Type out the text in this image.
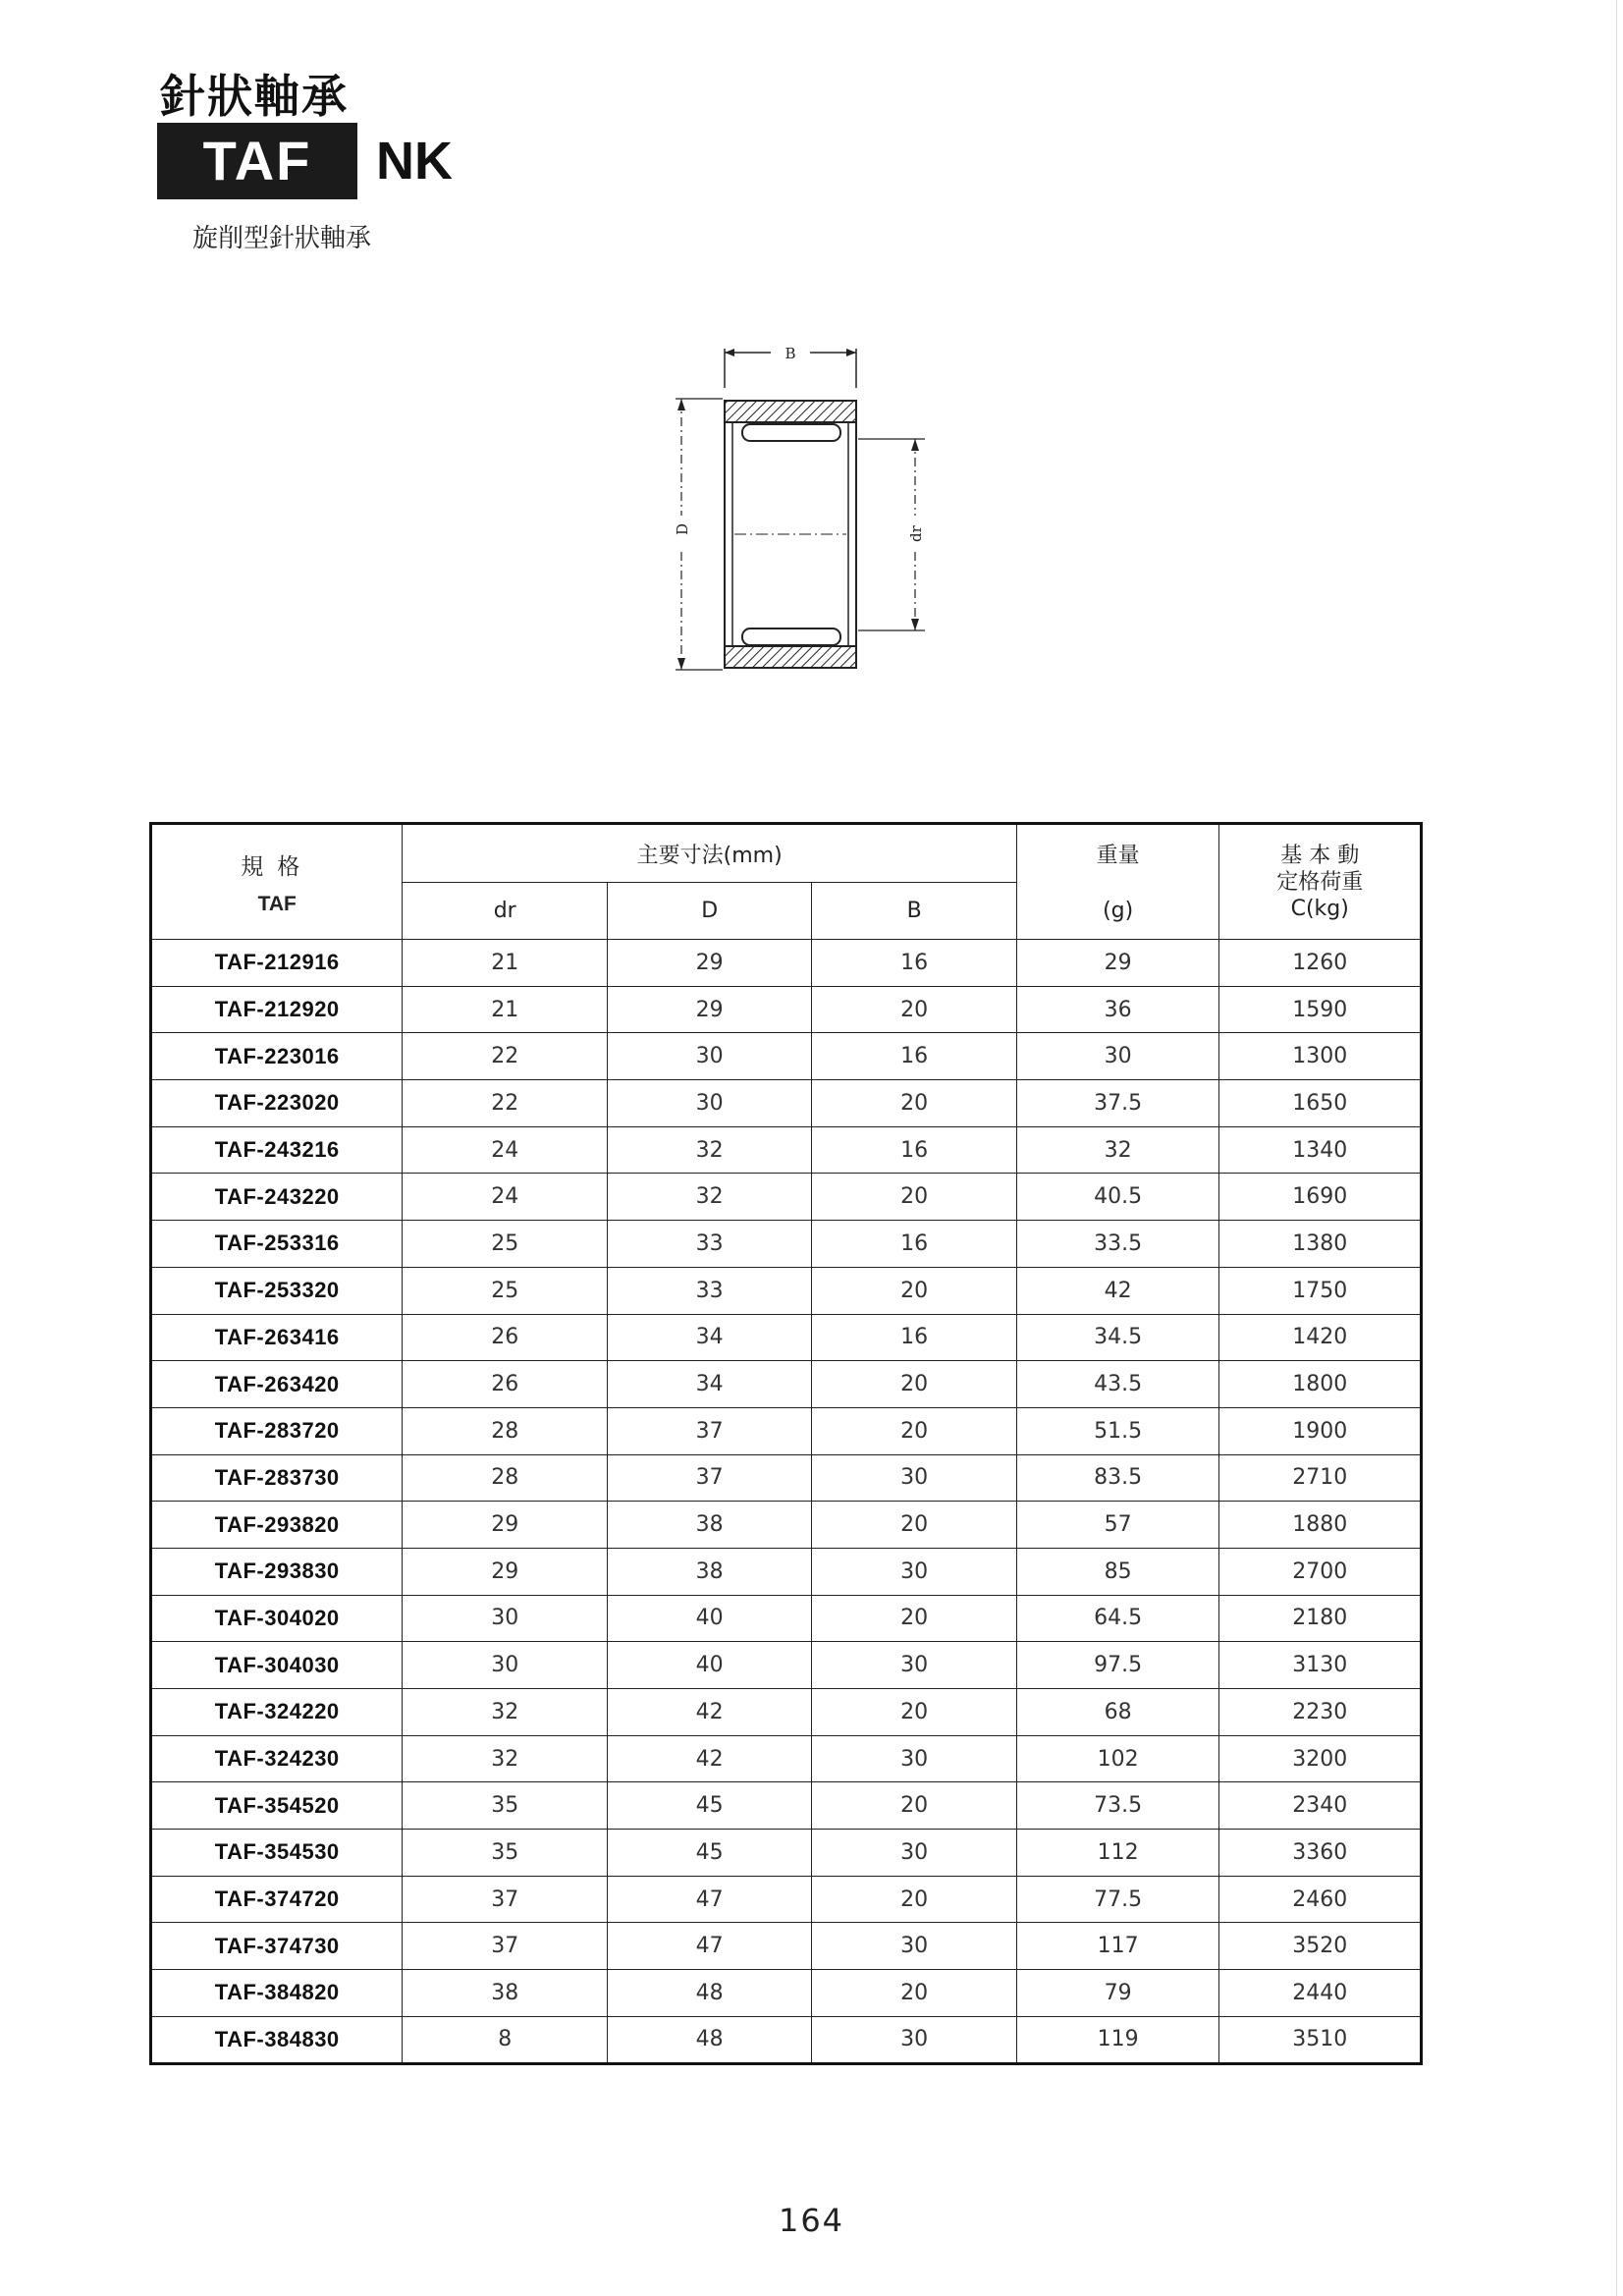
針狀軸承
TAF	NK
旋削型針狀軸承
B
D	dr
規格
TAF	主要寸法(mm)			重量	基 本 動
定格荷重
C(kg)

	dr	D	B	(g)	
TAF-212916	21	29	16	29	1260
TAF-212920	21	29	20	36	1590
TAF-223016	22	30	16	30	1300
TAF-223020	22	30	20	37.5	1650
TAF-243216	24	32	16	32	1340
TAF-243220	24	32	20	40.5	1690
TAF-253316	25	33	16	33.5	1380
TAF-253320	25	33	20	42	1750
TAF-263416	26	34	16	34.5	1420
TAF-263420	26	34	20	43.5	1800
TAF-283720	28	37	20	51.5	1900
TAF-283730	28	37	30	83.5	2710
TAF-293820	29	38	20	57	1880
TAF-293830	29	38	30	85	2700
TAF-304020	30	40	20	64.5	2180
TAF-304030	30	40	30	97.5	3130
TAF-324220	32	42	20	68	2230
TAF-324230	32	42	30	102	3200
TAF-354520	35	45	20	73.5	2340
TAF-354530	35	45	30	112	3360
TAF-374720	37	47	20	77.5	2460
TAF-374730	37	47	30	117	3520
TAF-384820	38	48	20	79	2440
TAF-384830	8	48	30	119	3510
164
